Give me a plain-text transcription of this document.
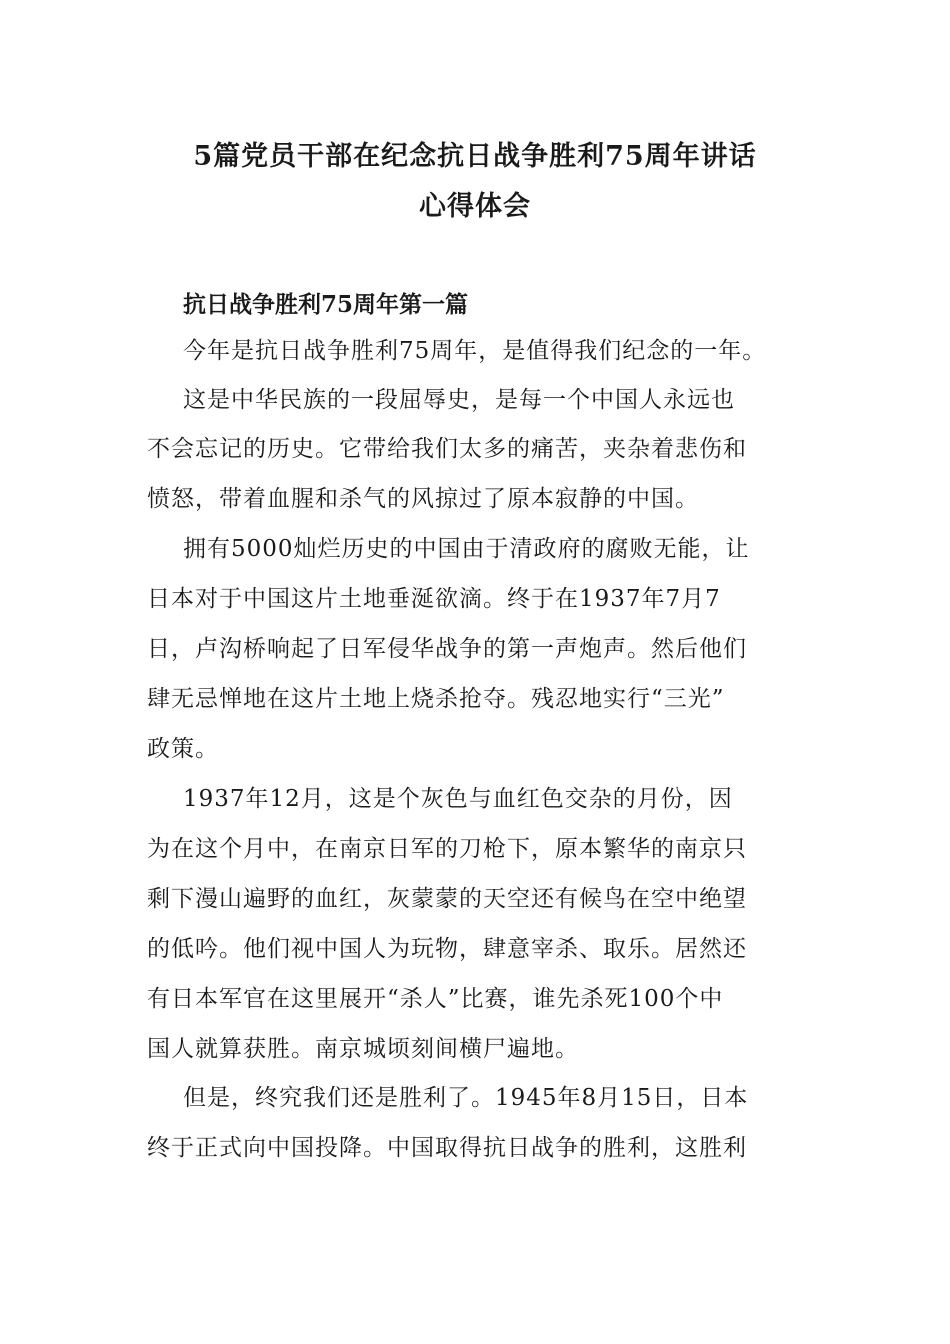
5篇党员干部在纪念抗日战争胜利75周年讲话
心得体会
抗日战争胜利75周年第一篇
今年是抗日战争胜利75周年，是值得我们纪念的一年。
这是中华民族的一段屈辱史，是每一个中国人永远也
不会忘记的历史。它带给我们太多的痛苦，夹杂着悲伤和
愤怒，带着血腥和杀气的风掠过了原本寂静的中国。
拥有5000灿烂历史的中国由于清政府的腐败无能，让
日本对于中国这片土地垂涎欲滴。终于在1937年7月7
日，卢沟桥响起了日军侵华战争的第一声炮声。然后他们
肆无忌惮地在这片土地上烧杀抢夺。残忍地实行“三光”
政策。
1937年12月，这是个灰色与血红色交杂的月份，因
为在这个月中，在南京日军的刀枪下，原本繁华的南京只
剩下漫山遍野的血红，灰蒙蒙的天空还有候鸟在空中绝望
的低吟。他们视中国人为玩物，肆意宰杀、取乐。居然还
有日本军官在这里展开“杀人”比赛，谁先杀死100个中
国人就算获胜。南京城顷刻间横尸遍地。
但是，终究我们还是胜利了。1945年8月15日，日本
终于正式向中国投降。中国取得抗日战争的胜利，这胜利
